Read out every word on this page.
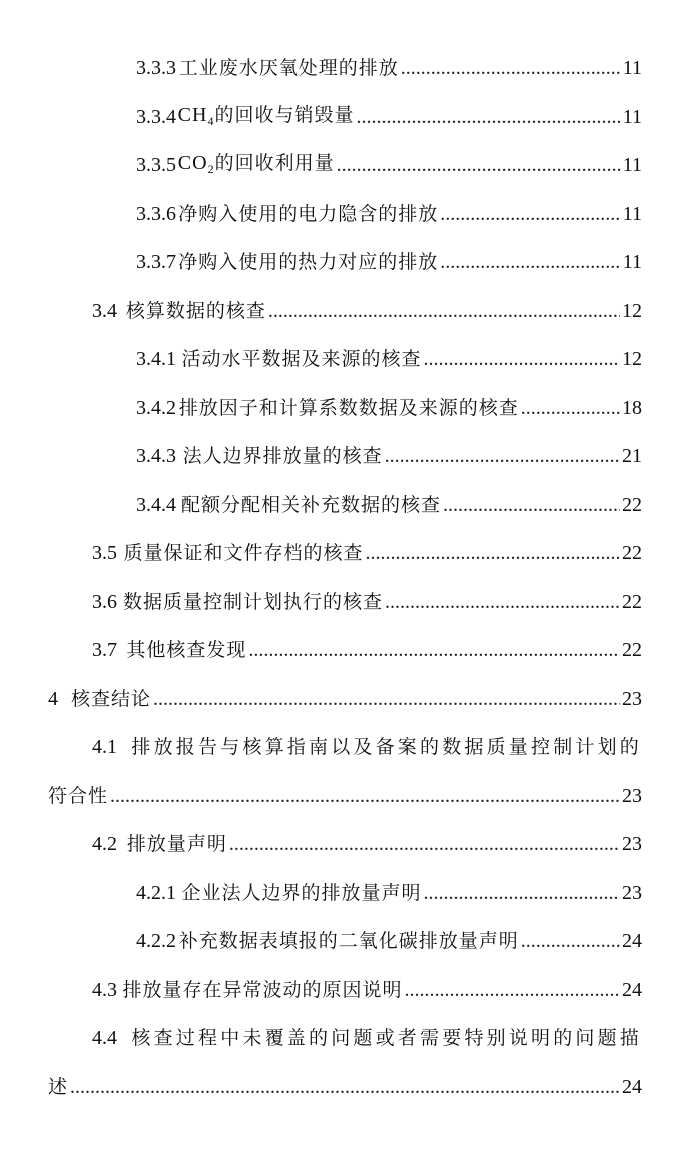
3.3.3 工业废水厌氧处理的排放 .....	11
3.3.4 $CH_4$的回收与销毁量 .....	11
3.3.5 $CO_2$的回收利用量 .....	11
3.3.6 净购入使用的电力隐含的排放 .....	11
3.3.7 净购入使用的热力对应的排放 .....	11
3.4 核算数据的核查 .....	12
3.4.1 活动水平数据及来源的核查 .....	12
3.4.2 排放因子和计算系数数据及来源的核查 .....	18
3.4.3 法人边界排放量的核查 .....	21
3.4.4 配额分配相关补充数据的核查 .....	22
3.5 质量保证和文件存档的核查 .....	22
3.6 数据质量控制计划执行的核查 .....	22
3.7 其他核查发现 .....	22
4 核查结论 .....	23
4.1 排放报告与核算指南以及备案的数据质量控制计划的
符合性 .....	23
4.2 排放量声明 .....	23
4.2.1 企业法人边界的排放量声明 .....	23
4.2.2 补充数据表填报的二氧化碳排放量声明 .....	24
4.3 排放量存在异常波动的原因说明 .....	24
4.4 核查过程中未覆盖的问题或者需要特别说明的问题描
述 .....	24
